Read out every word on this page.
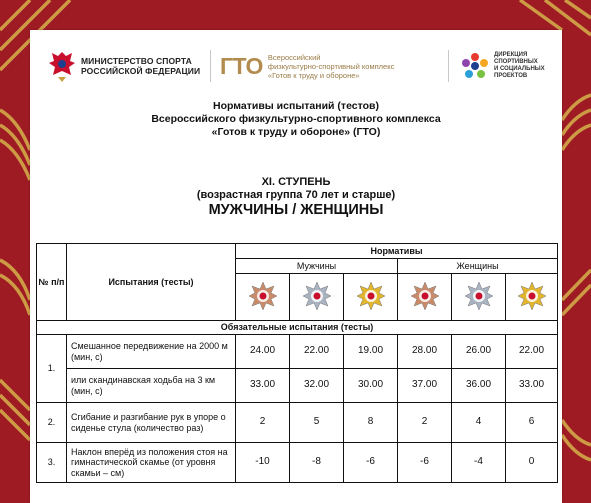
МИНИСТЕРСТВО СПОРТА
РОССИЙСКОЙ ФЕДЕРАЦИИ ГТО Всероссийский
физкультурно-спортивный комплекс
«Готов к труду и обороне»
ДИРЕКЦИЯ
СПОРТИВНЫХ
И СОЦИАЛЬНЫХ
ПРОЕКТОВ
Нормативы испытаний (тестов)
Всероссийского физкультурно-спортивного комплекса
«Готов к труду и обороне» (ГТО)
XI. СТУПЕНЬ
(возрастная группа 70 лет и старше)
МУЖЧИНЫ / ЖЕНЩИНЫ
№ п/п	Испытания (тесты)	Нормативы					
		Мужчины			Женщины		

Обязательные испытания (тесты)							
1.	Смешанное передвижение на 2000 м (мин, с)	24.00	22.00	19.00	28.00	26.00	22.00
	или скандинавская ходьба на 3 км (мин, с)	33.00	32.00	30.00	37.00	36.00	33.00
2.	Сгибание и разгибание рук в упоре о сиденье стула (количество раз)	2	5	8	2	4	6
3.	Наклон вперёд из положения стоя на гимнастической скамье (от уровня скамьи – см)	-10	-8	-6	-6	-4	0
